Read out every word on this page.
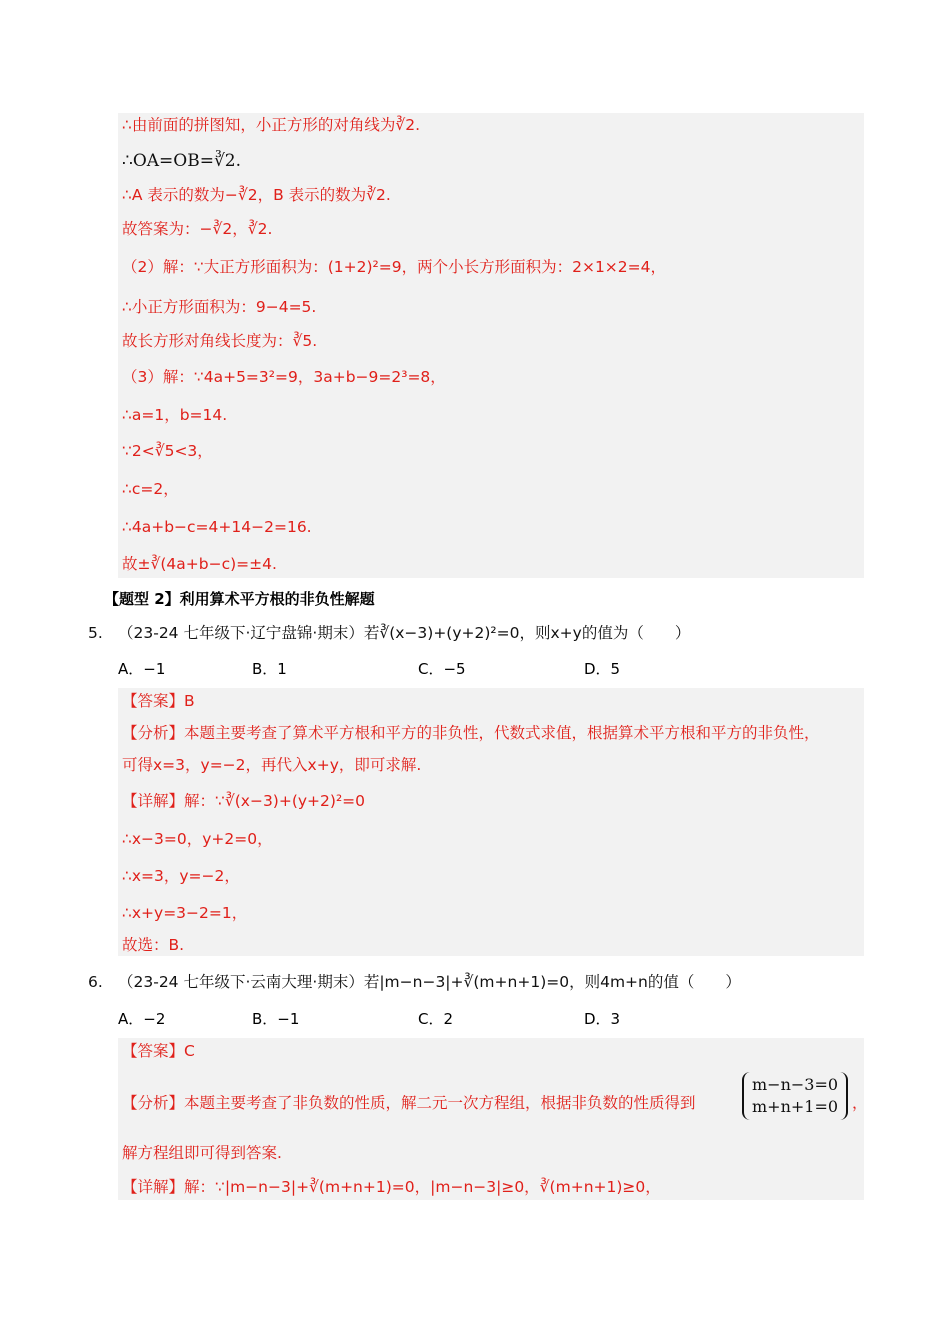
∴由前面的拼图知，小正方形的对角线为∛2.
∴OA=OB=∛2.
∴A 表示的数为−∛2，B 表示的数为∛2.
故答案为：−∛2，∛2.
（2）解：∵大正方形面积为：(1+2)²=9，两个小长方形面积为：2×1×2=4，
∴小正方形面积为：9−4=5.
故长方形对角线长度为：∛5.
（3）解：∵4a+5=3²=9，3a+b−9=2³=8，
∴a=1，b=14.
∵2<∛5<3，
∴c=2，
∴4a+b−c=4+14−2=16.
故±∛(4a+b−c)=±4.
【题型 2】利用算术平方根的非负性解题
5. （23-24 七年级下·辽宁盘锦·期末）若∛(x−3)+(y+2)²=0，则x+y的值为（　　）
A．−1	B．1	C．−5	D．5
【答案】B
【分析】本题主要考查了算术平方根和平方的非负性，代数式求值，根据算术平方根和平方的非负性，
可得x=3，y=−2，再代入x+y，即可求解.
【详解】解：∵∛(x−3)+(y+2)²=0
∴x−3=0，y+2=0，
∴x=3，y=−2，
∴x+y=3−2=1，
故选：B.
6. （23-24 七年级下·云南大理·期末）若|m−n−3|+∛(m+n+1)=0，则4m+n的值（　　）
A．−2	B．−1	C．2	D．3
【答案】C
【分析】本题主要考查了非负数的性质，解二元一次方程组，根据非负数的性质得到
m−n−3=0
m+n+1=0 ，
解方程组即可得到答案.
【详解】解：∵|m−n−3|+∛(m+n+1)=0，|m−n−3|≥0，∛(m+n+1)≥0，
